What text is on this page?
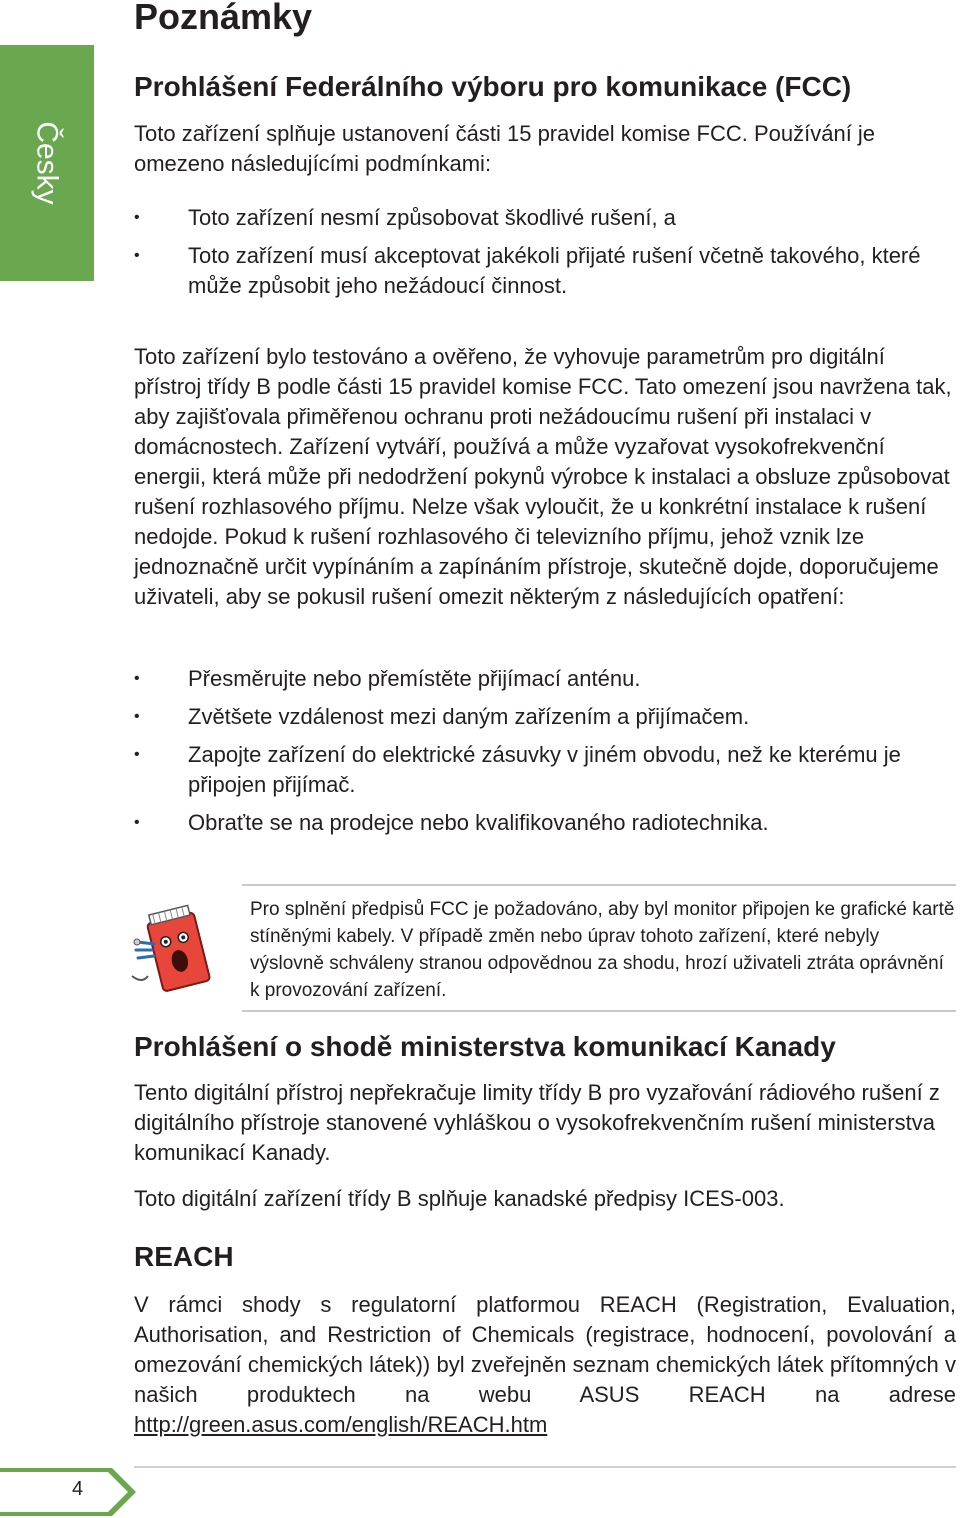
Česky
Poznámky
Prohlášení Federálního výboru pro komunikace (FCC)

Toto zařízení splňuje ustanovení části 15 pravidel komise FCC. Používání je omezeno následujícími podmínkami:

• Toto zařízení nesmí způsobovat škodlivé rušení, a
• Toto zařízení musí akceptovat jakékoli přijaté rušení včetně takového, které může způsobit jeho nežádoucí činnost.

Toto zařízení bylo testováno a ověřeno, že vyhovuje parametrům pro digitální přístroj třídy B podle části 15 pravidel komise FCC. Tato omezení jsou navržena tak, aby zajišťovala přiměřenou ochranu proti nežádoucímu rušení při instalaci v domácnostech. Zařízení vytváří, používá a může vyzařovat vysokofrekvenční energii, která může při nedodržení pokynů výrobce k instalaci a obsluze způsobovat rušení rozhlasového příjmu. Nelze však vyloučit, že u konkrétní instalace k rušení nedojde. Pokud k rušení rozhlasového či televizního příjmu, jehož vznik lze jednoznačně určit vypínáním a zapínáním přístroje, skutečně dojde, doporučujeme uživateli, aby se pokusil rušení omezit některým z následujících opatření:

• Přesměrujte nebo přemístěte přijímací anténu.
• Zvětšete vzdálenost mezi daným zařízením a přijímačem.
• Zapojte zařízení do elektrické zásuvky v jiném obvodu, než ke kterému je připojen přijímač.
• Obraťte se na prodejce nebo kvalifikovaného radiotechnika.

Pro splnění předpisů FCC je požadováno, aby byl monitor připojen ke grafické kartě stíněnými kabely. V případě změn nebo úprav tohoto zařízení, které nebyly výslovně schváleny stranou odpovědnou za shodu, hrozí uživateli ztráta oprávnění k provozování zařízení.

Prohlášení o shodě ministerstva komunikací Kanady

Tento digitální přístroj nepřekračuje limity třídy B pro vyzařování rádiového rušení z digitálního přístroje stanovené vyhláškou o vysokofrekvenčním rušení ministerstva komunikací Kanady.

Toto digitální zařízení třídy B splňuje kanadské předpisy ICES-003.

REACH

V rámci shody s regulatorní platformou REACH (Registration, Evaluation, Authorisation, and Restriction of Chemicals (registrace, hodnocení, povolování a omezování chemických látek)) byl zveřejněn seznam chemických látek přítomných v našich produktech na webu ASUS REACH na adrese http://green.asus.com/english/REACH.htm

4
